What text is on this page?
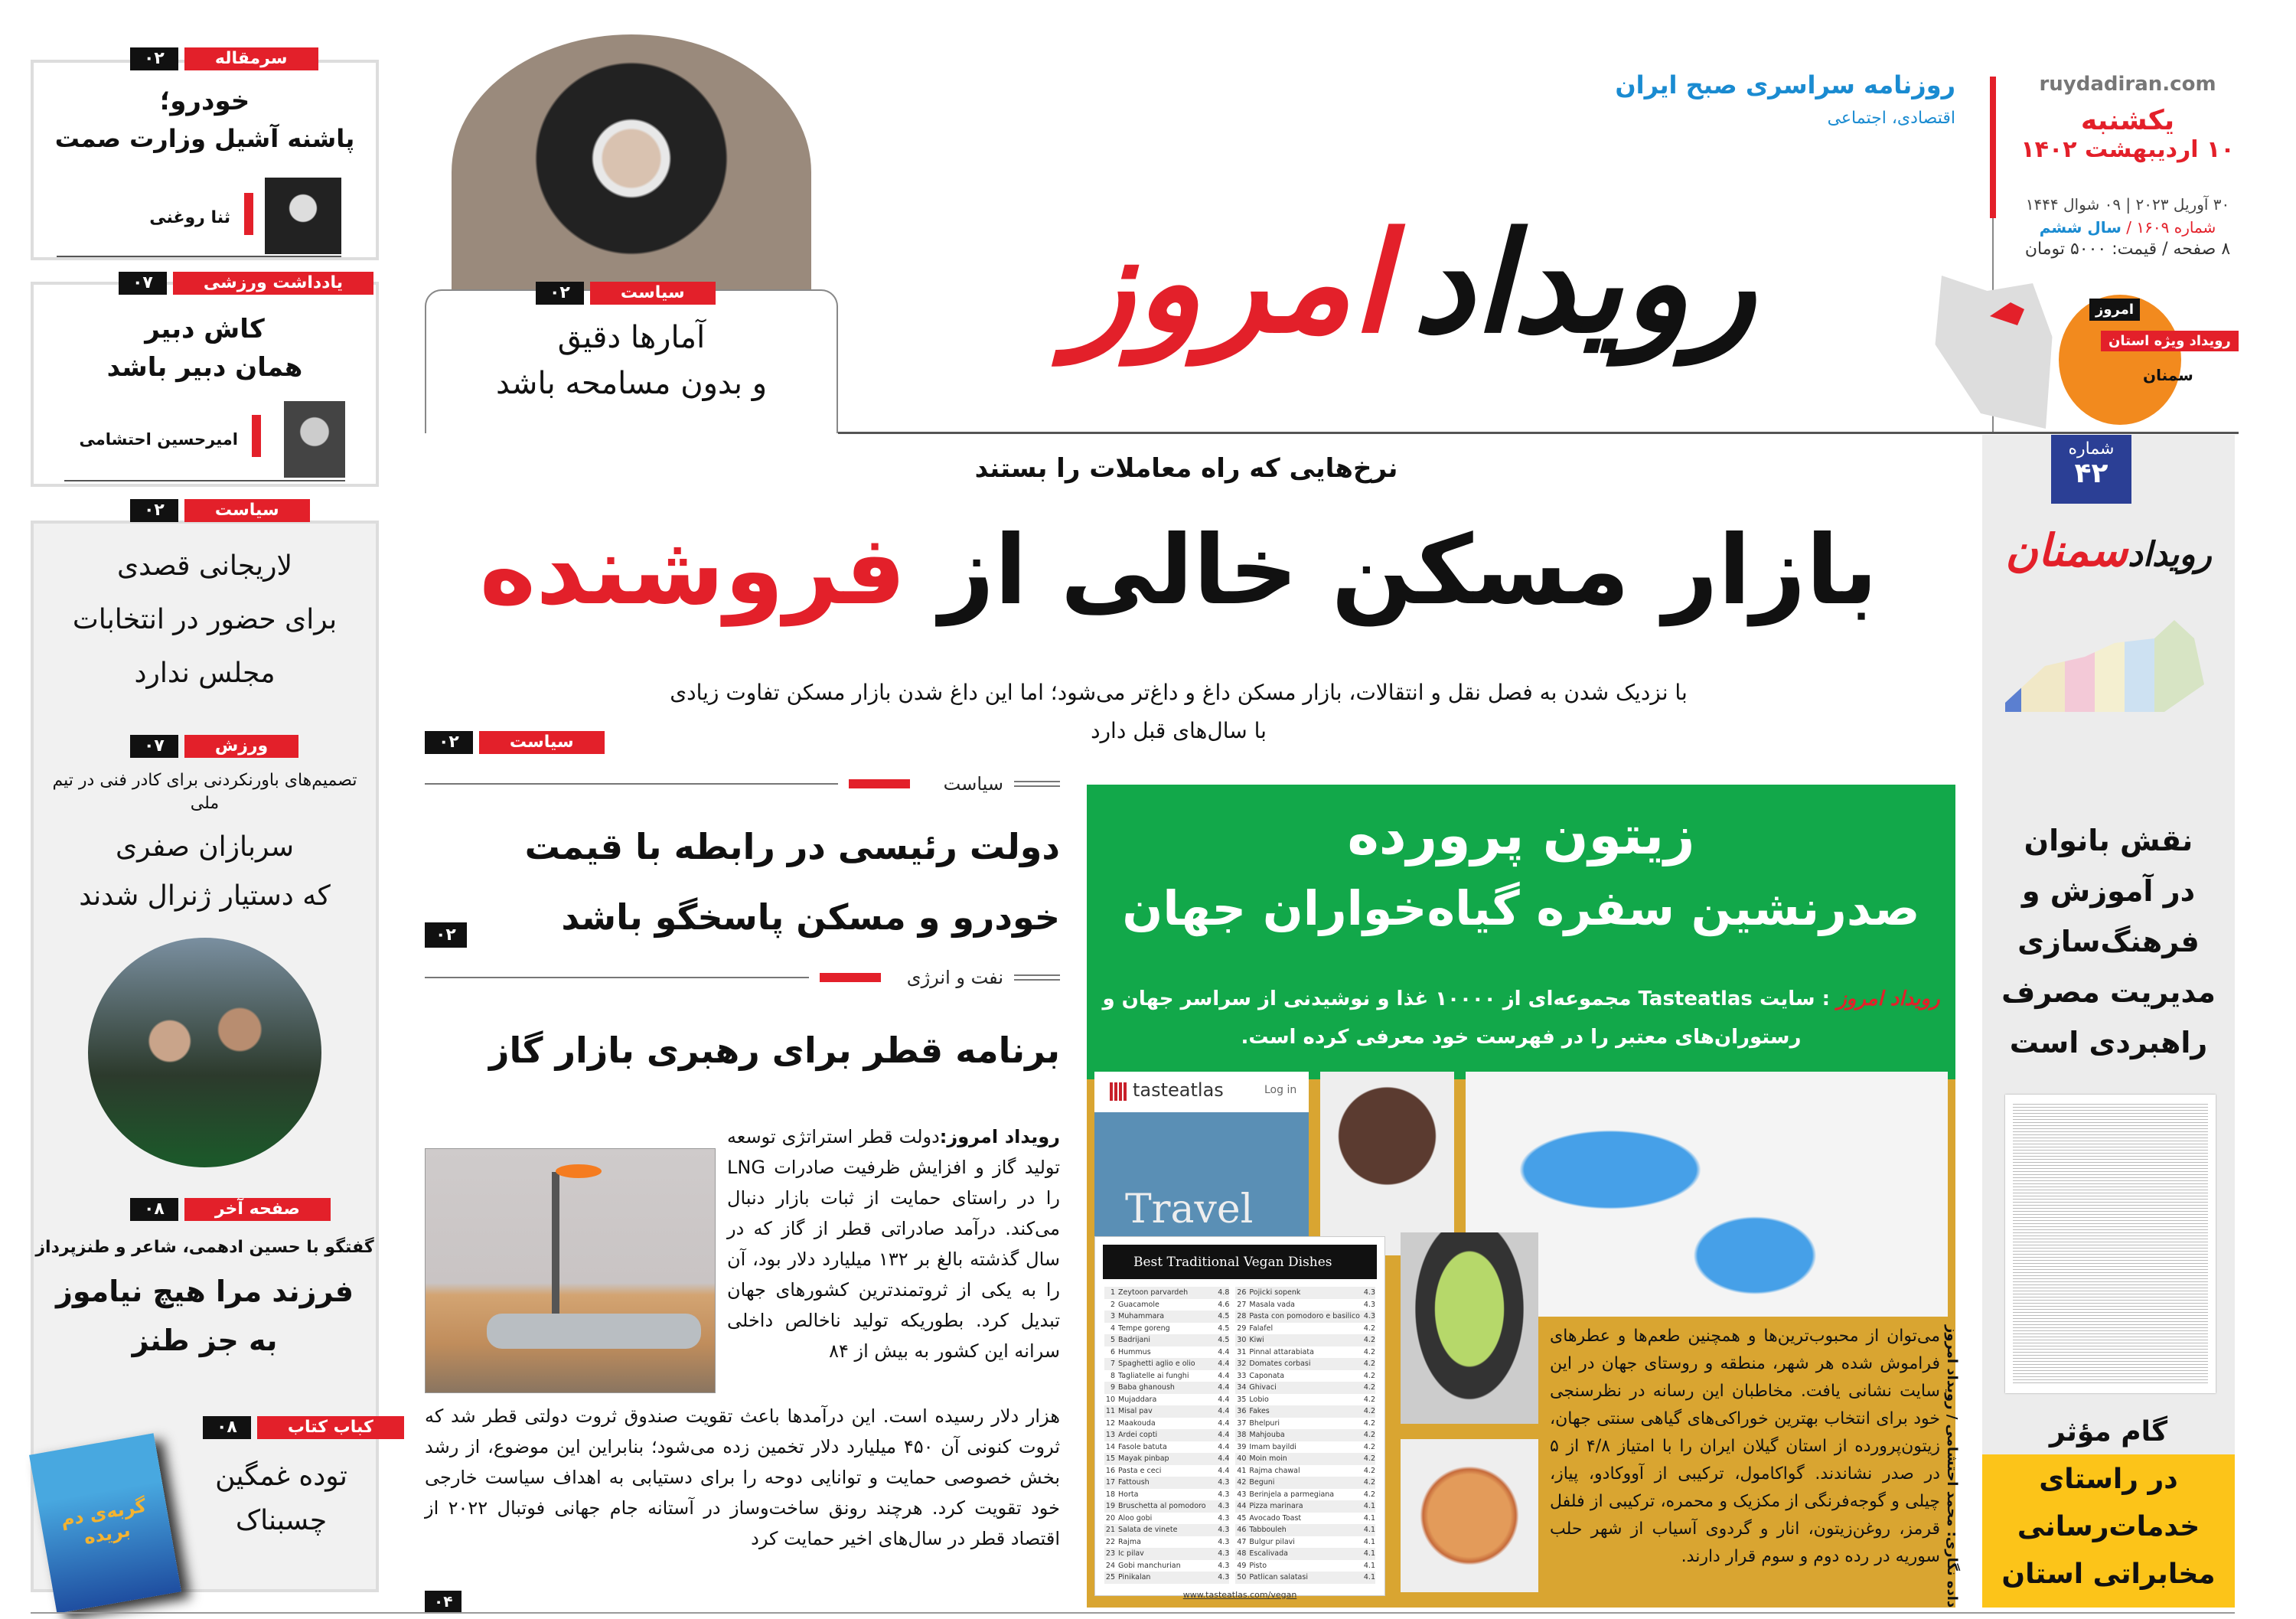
خودرو؛
پاشنه آشیل وزارت صمت
ثنا روغنی
سرمقاله
۰۲
کاش دبیر
همان دبیر باشد
امیرحسین احتشامی
یادداشت ورزشی
۰۷
سیاست
۰۲
لاریجانی قصدی
برای حضور در انتخابات
مجلس ندارد
ورزش
۰۷
تصمیم‌های باورنکردنی برای کادر فنی در تیم ملی
سربازان صفری
که دستیار ژنرال شدند
صفحه آخر
۰۸
گفتگو با حسین ادهمی، شاعر و طنزپرداز
فرزند مرا هیچ نیاموز
به جز طنز
کباب کتاب
۰۸
توده غمگین
چسبناک
گربه‌ی دم بریده
آمارها دقیق
و بدون مسامحه باشد
سیاست
۰۲	رویداد
امروز
روزنامه سراسری صبح ایران
اقتصادی، اجتماعی
ruydadiran.com
یکشنبه
۱۰ اردیبهشت ۱۴۰۲
۳۰ آوریل ۲۰۲۳ | ۰۹ شوال ۱۴۴۴
شماره ۱۶۰۹ / سال ششم
۸ صفحه / قیمت: ۵۰۰۰ تومان
امروز
رویداد ویژه استان
سمنان
نرخ‌هایی که راه معاملات را بستند
بازار مسکن خالی از فروشنده
با نزدیک شدن به فصل نقل و انتقالات، بازار مسکن داغ و داغ‌تر می‌شود؛ اما این داغ شدن بازار مسکن تفاوت زیادی
با سال‌های قبل دارد
سیاست
۰۲
سیاست
دولت رئیسی در رابطه با قیمت
خودرو و مسکن پاسخگو باشد
۰۲
نفت و انرژی
برنامه قطر برای رهبری بازار گاز

رویداد امروز:دولت قطر استراتژی توسعه تولید گاز و افزایش ظرفیت صادرات LNG را در راستای حمایت از ثبات بازار دنبال می‌کند. درآمد صادراتی قطر از گاز که در سال گذشته بالغ بر ۱۳۲ میلیارد دلار بود، آن را به یکی از ثروتمندترین کشورهای جهان تبدیل کرد. بطوریکه تولید ناخالص داخلی سرانه این کشور به بیش از ۸۴

هزار دلار رسیده است. این درآمدها باعث تقویت صندوق ثروت دولتی قطر شد که ثروت کنونی آن ۴۵۰ میلیارد دلار تخمین زده می‌شود؛ بنابراین این موضوع، از رشد بخش خصوصی حمایت و توانایی دوحه را برای دستیابی به اهداف سیاست خارجی خود تقویت کرد. هرچند رونق ساخت‌وساز در آستانه جام جهانی فوتبال ۲۰۲۲ از اقتصاد قطر در سال‌های اخیر حمایت کرد

۰۴
زیتون پرورده
صدرنشین سفره گیاه‌خواران جهان
رویداد امروز : سایت Tasteatlas مجموعه‌ای از ۱۰۰۰۰ غذا و نوشیدنی از سراسر جهان و رستوران‌های معتبر را در فهرست خود معرفی کرده است.
tasteatlas	Log in
Travel
Best Traditional Vegan Dishes
1 Zeytoon parvardeh	4.8
2 Guacamole	4.6
3 Muhammara	4.5
4 Tempe goreng	4.5
5 Badrijani	4.5
6 Hummus	4.4
7 Spaghetti aglio e olio	4.4
8 Tagliatelle ai funghi	4.4
9 Baba ghanoush	4.4
10 Mujaddara	4.4
11 Misal pav	4.4
12 Maakouda	4.4
13 Ardei copti	4.4
14 Fasole batuta	4.4
15 Mayak pinbap	4.4
16 Pasta e ceci	4.4
17 Fattoush	4.3
18 Horta	4.3
19 Bruschetta al pomodoro	4.3
20 Aloo gobi	4.3
21 Salata de vinete	4.3
22 Rajma	4.3
23 Ic pilav	4.3
24 Gobi manchurian	4.3
25 Pinikalan	4.3
26 Pojicki sopenk	4.3
27 Masala vada	4.3
28 Pasta con pomodoro e basilico 4.3
29 Falafel	4.2
30 Kiwi	4.2
31 Pinnal attarabiata	4.2
32 Domates corbasi	4.2
33 Caponata	4.2
34 Ghivaci	4.2
35 Lobio	4.2
36 Fakes	4.2
37 Bhelpuri	4.2
38 Mahjouba	4.2
39 Imam bayildi	4.2
40 Moin moin	4.2
41 Rajma chawal	4.2
42 Beguni	4.2
43 Berinjela a parmegiana	4.2
44 Pizza marinara	4.1
45 Avocado Toast	4.1
46 Tabbouleh	4.1
47 Bulgur pilavi	4.1
48 Escalivada	4.1
49 Pisto	4.1
50 Patlican salatasi	4.1
www.tasteatlas.com/vegan

می‌توان از محبوب‌ترین‌ها و همچنین طعم‌ها و عطرهای فراموش شده هر شهر، منطقه و روستای جهان در این سایت نشانی یافت. مخاطبان این رسانه در نظرسنجی خود برای انتخاب بهترین خوراکی‌های گیاهی سنتی جهان، زیتون‌پرورده از استان گیلان ایران را با امتیاز ۴/۸ از ۵ در صدر نشاندند. گواکامول، ترکیبی از آووکادو، پیاز، چیلی و گوجه‌فرنگی از مکزیک و محمره، ترکیبی از فلفل قرمز، روغن‌زیتون، انار و گردوی آسیاب از شهر حلب سوریه در رده دوم و سوم قرار دارند. داده نگاری: محمد احتشامی / رویداد امروز
شماره
۴۲
رویدادسمنان
نقش بانوان
در آموزش و
فرهنگ‌سازی
مدیریت مصرف
راهبردی است
گام مؤثر
در راستای
خدمات‌رسانی
مخابراتی استان
